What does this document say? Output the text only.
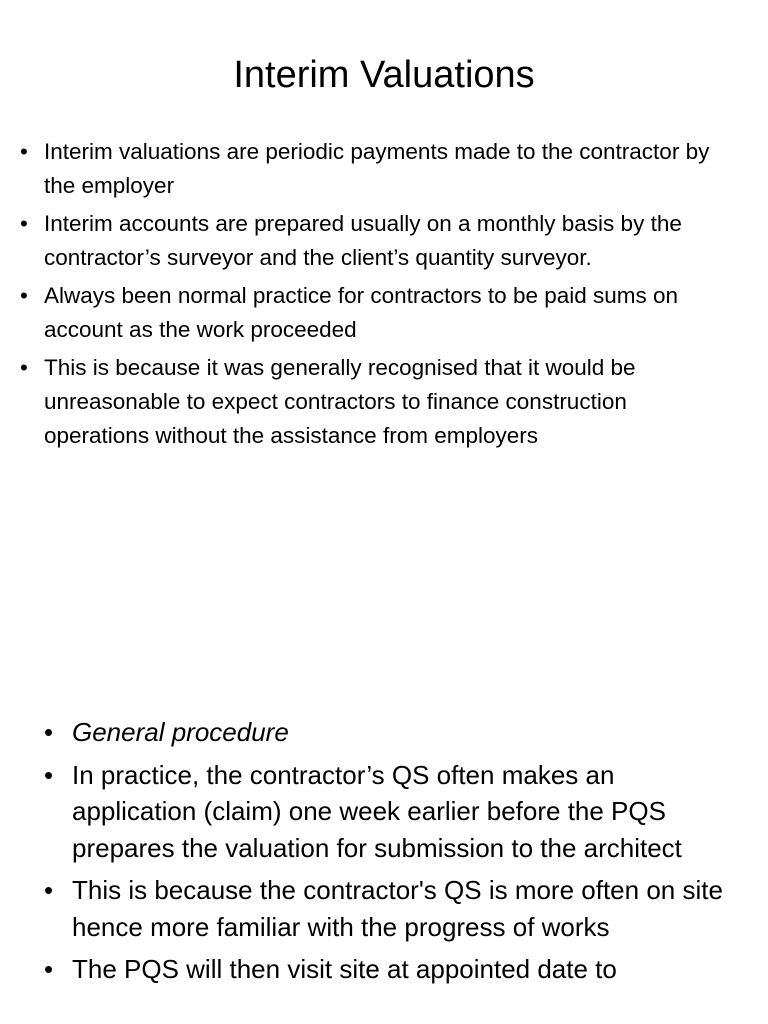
Interim Valuations
• Interim valuations are periodic payments made to the contractor by the employer
• Interim accounts are prepared usually on a monthly basis by the contractor’s surveyor and the client’s quantity surveyor.
• Always been normal practice for contractors to be paid sums on account as the work proceeded
• This is because it was generally recognised that it would be unreasonable to expect contractors to finance construction operations without the assistance from employers
• General procedure
• In practice, the contractor’s QS often makes an application (claim) one week earlier before the PQS prepares the valuation for submission to the architect
• This is because the contractor's QS is more often on site hence more familiar with the progress of works
• The PQS will then visit site at appointed date to
